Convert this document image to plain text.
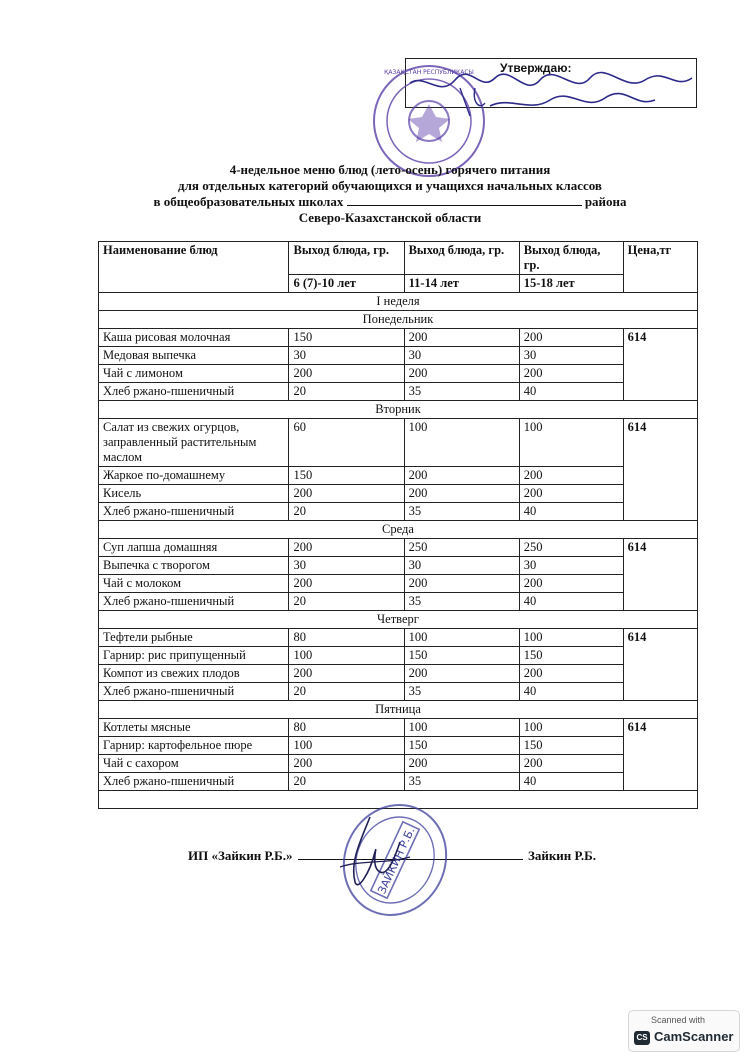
Утверждаю:
ҚАЗАҚСТАН РЕСПУБЛИКАСЫ
4-недельное меню блюд (лето-осень) горячего питания
для отдельных категорий обучающихся и учащихся начальных классов
в общеобразовательных школах	района
Северо-Казахстанской области
Наименование блюд	Выход блюда, гр.	Выход блюда, гр.	Выход блюда, гр.	Цена,тг
	6 (7)-10 лет	11-14 лет	15-18 лет	
I неделя				
Понедельник				
Каша рисовая молочная	150	200	200	614
Медовая выпечка	30	30	30	
Чай с лимоном	200	200	200	
Хлеб ржано-пшеничный	20	35	40	
Вторник				
Салат из свежих огурцов, заправленный растительным маслом	60	100	100	614
Жаркое по-домашнему	150	200	200	
Кисель	200	200	200	
Хлеб ржано-пшеничный	20	35	40	
Среда				
Суп лапша домашняя	200	250	250	614
Выпечка с творогом	30	30	30	
Чай с молоком	200	200	200	
Хлеб ржано-пшеничный	20	35	40	
Четверг				
Тефтели рыбные	80	100	100	614
Гарнир: рис припущенный	100	150	150	
Компот из свежих плодов	200	200	200	
Хлеб ржано-пшеничный	20	35	40	
Пятница				
Котлеты мясные	80	100	100	614
Гарнир: картофельное пюре	100	150	150	
Чай с сахором	200	200	200	
Хлеб ржано-пшеничный	20	35	40	

ИП «Зайкин Р.Б.»	Зайкин Р.Б.
ЗАЙКИН Р.Б.
Scanned with
CS CamScanner
